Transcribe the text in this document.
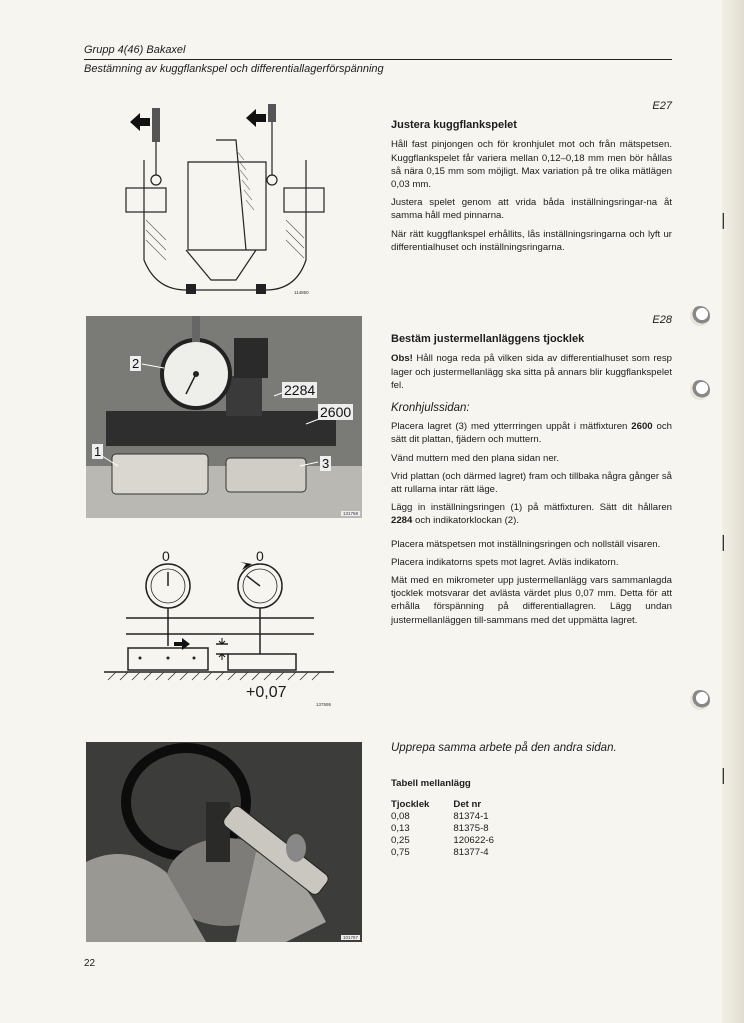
Grupp 4(46) Bakaxel
Bestämning av kuggflankspel och differentiallagerförspänning
114860
2
2284
2600
1
3
131768
0	0
+0,07
137595
101787
E27
Justera kuggflankspelet

Håll fast pinjongen och för kronhjulet mot och från mätspetsen. Kuggflankspelet får variera mellan 0,12–0,18 mm men bör hållas så nära 0,15 mm som möjligt. Max variation på tre olika mätlägen 0,03 mm.

Justera spelet genom att vrida båda inställningsringar-na åt samma håll med pinnarna.

När rätt kuggflankspel erhållits, lås inställningsringarna och lyft ur differentialhuset och inställningsringarna.

E28
Bestäm justermellanläggens tjocklek

Obs! Håll noga reda på vilken sida av differentialhuset som resp lager och justermellanlägg ska sitta på annars blir kuggflankspelet fel.

Kronhjulssidan:

Placera lagret (3) med ytterrringen uppåt i mätfixturen 2600 och sätt dit plattan, fjädern och muttern.

Vänd muttern med den plana sidan ner.

Vrid plattan (och därmed lagret) fram och tillbaka några gånger så att rullarna intar rätt läge.

Lägg in inställningsringen (1) på mätfixturen. Sätt dit hållaren 2284 och indikatorklockan (2).

Placera mätspetsen mot inställningsringen och nollställ visaren.

Placera indikatorns spets mot lagret. Avläs indikatorn.

Mät med en mikrometer upp justermellanlägg vars sammanlagda tjocklek motsvarar det avlästa värdet plus 0,07 mm. Detta för att erhålla förspänning på differentiallagren. Lägg undan justermellanläggen till-sammans med det uppmätta lagret.

Upprepa samma arbete på den andra sidan.
Tabell mellanlägg
Tjocklek	Det nr
0,08	81374-1
0,13	81375-8
0,25	120622-6
0,75	81377-4
22
❘
❘
❘
